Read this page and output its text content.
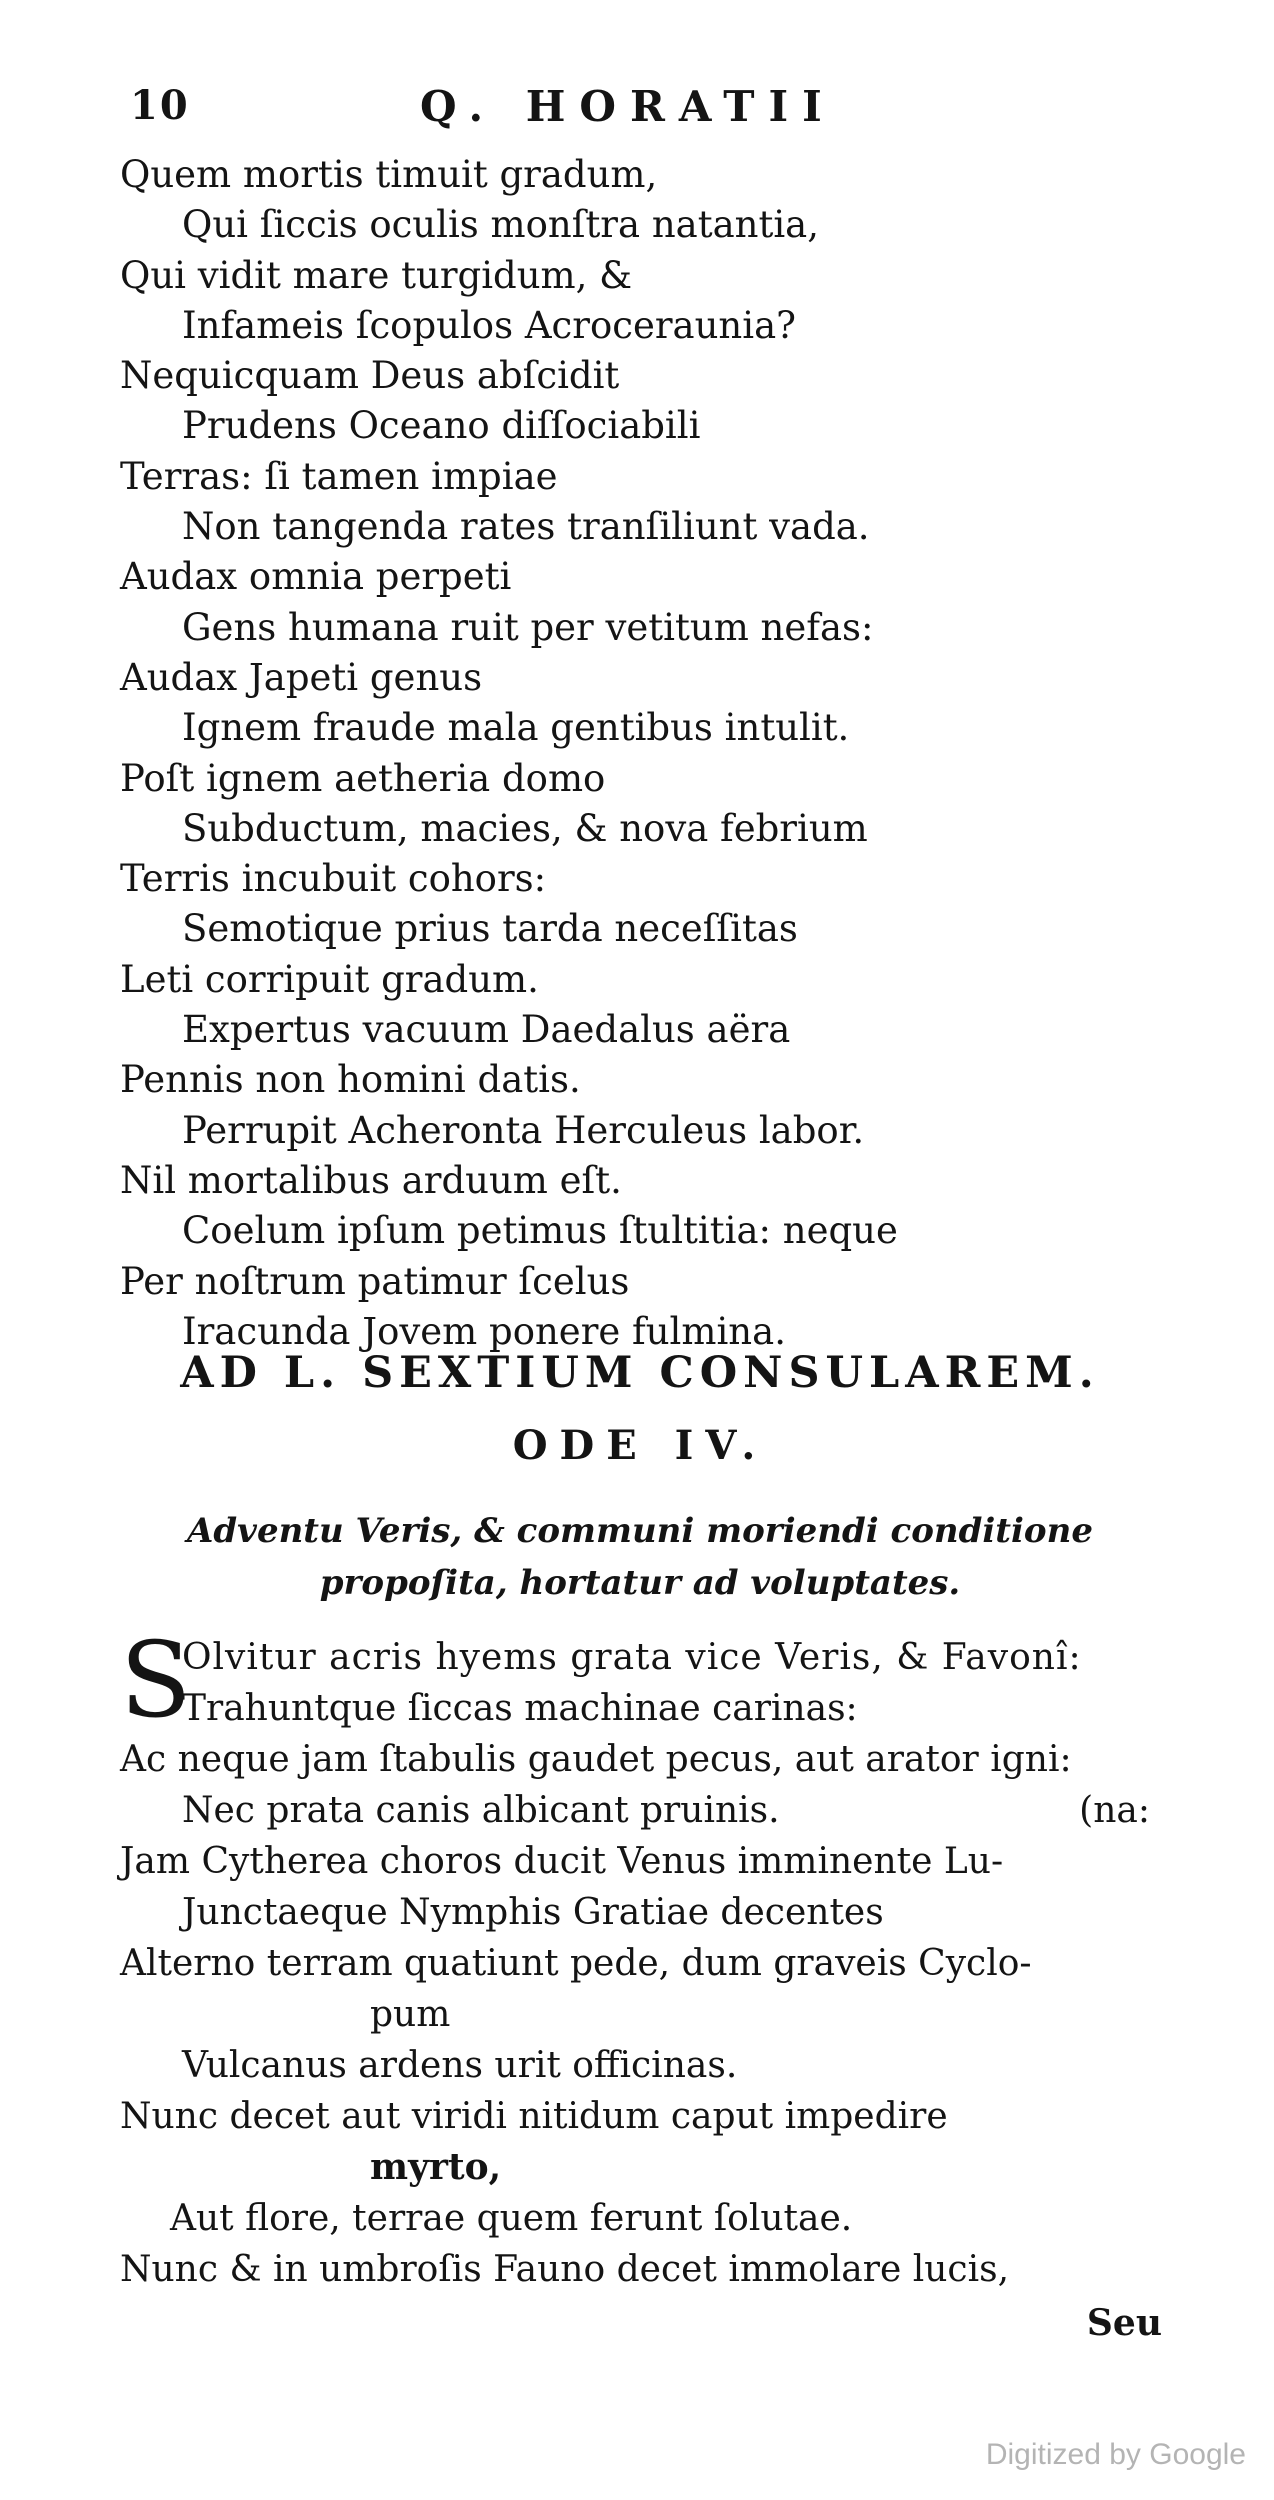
10	Q. HORATII
Quem mortis timuit gradum,
Qui ſiccis oculis monſtra natantia,
Qui vidit mare turgidum, &
Infameis ſcopulos Acroceraunia?
Nequicquam Deus abſcidit
Prudens Oceano diſſociabili
Terras: ſi tamen impiae
Non tangenda rates tranſiliunt vada.
Audax omnia perpeti
Gens humana ruit per vetitum nefas:
Audax Japeti genus
Ignem fraude mala gentibus intulit.
Poſt ignem aetheria domo
Subductum, macies, & nova febrium
Terris incubuit cohors:
Semotique prius tarda neceſſitas
Leti corripuit gradum.
Expertus vacuum Daedalus aëra
Pennis non homini datis.
Perrupit Acheronta Herculeus labor.
Nil mortalibus arduum eſt.
Coelum ipſum petimus ſtultitia: neque
Per noſtrum patimur ſcelus
Iracunda Jovem ponere fulmina.
AD L. SEXTIUM CONSULAREM.
ODE IV.
Adventu Veris, & communi moriendi conditione
propoſita, hortatur ad voluptates.
S
Olvitur acris hyems grata vice Veris, & Favonî:
Trahuntque ſiccas machinae carinas:
Ac neque jam ſtabulis gaudet pecus, aut arator igni:
Nec prata canis albicant pruinis.	(na:
Jam Cytherea choros ducit Venus imminente Lu-
Junctaeque Nymphis Gratiae decentes
Alterno terram quatiunt pede, dum graveis Cyclo-
pum
Vulcanus ardens urit officinas.
Nunc decet aut viridi nitidum caput impedire
myrto,
Aut flore, terrae quem ferunt ſolutae.
Nunc & in umbroſis Fauno decet immolare lucis,
Seu
Digitized by Google
